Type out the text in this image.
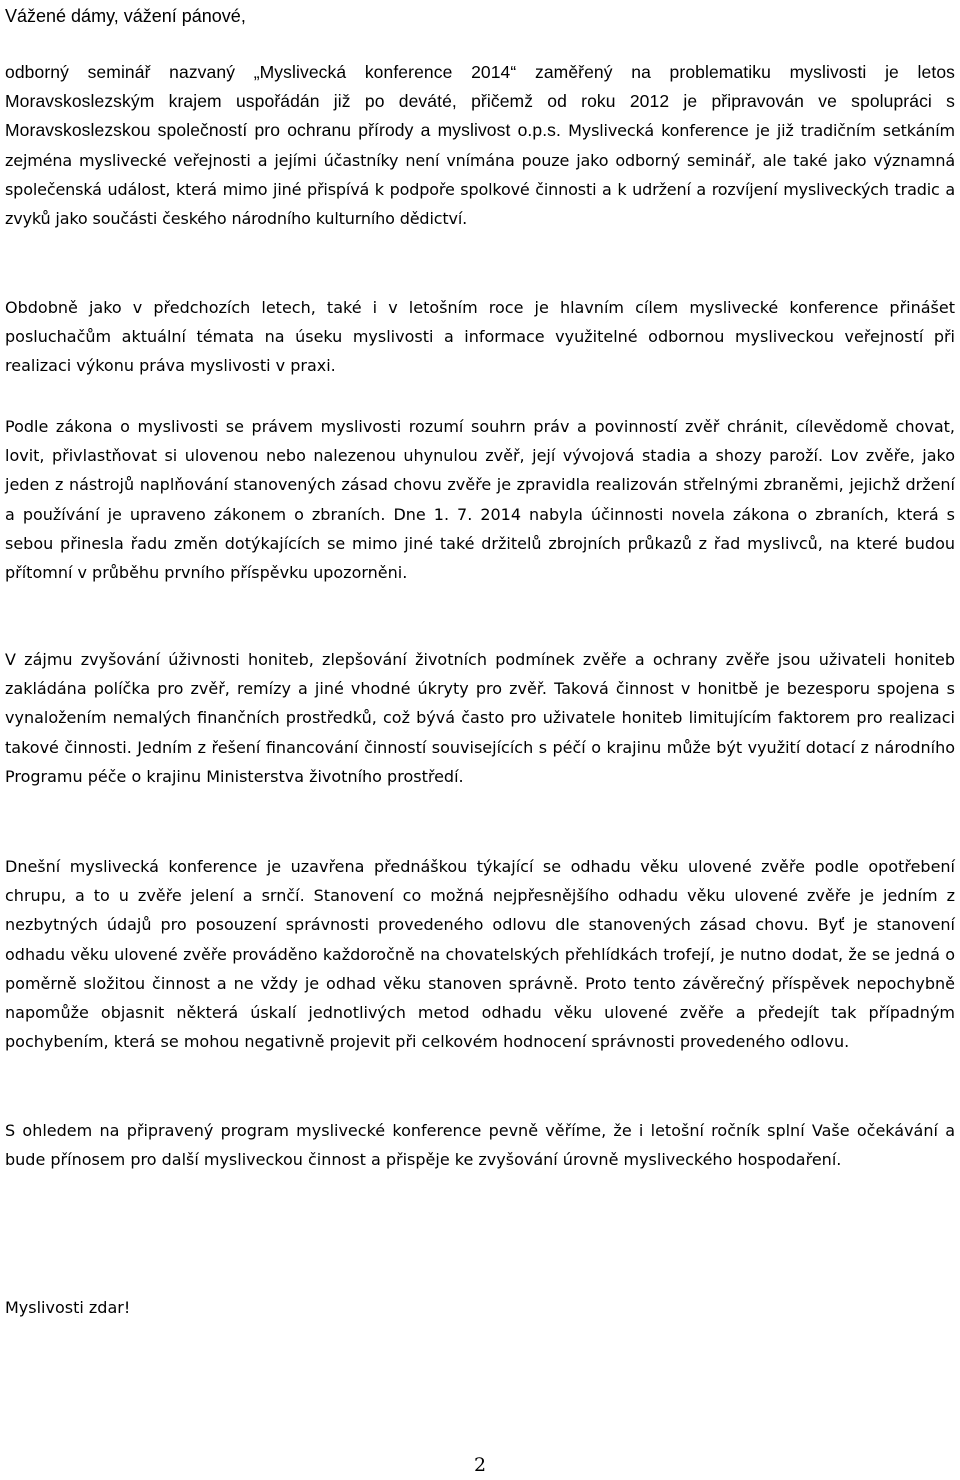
Vážené dámy, vážení pánové,

odborný seminář nazvaný „Myslivecká konference 2014“ zaměřený na problematiku myslivosti je letos Moravskoslezským krajem uspořádán již po deváté, přičemž od roku 2012 je připravován ve spolupráci s Moravskoslezskou společností pro ochranu přírody a myslivost o.p.s. Myslivecká konference je již tradičním setkáním zejména myslivecké veřejnosti a jejími účastníky není vnímána pouze jako odborný seminář, ale také jako významná společenská událost, která mimo jiné přispívá k podpoře spolkové činnosti a k udržení a rozvíjení mysliveckých tradic a zvyků jako součásti českého národního kulturního dědictví.

Obdobně jako v předchozích letech, také i v letošním roce je hlavním cílem myslivecké konference přinášet posluchačům aktuální témata na úseku myslivosti a informace využitelné odbornou mysliveckou veřejností při realizaci výkonu práva myslivosti v praxi.

Podle zákona o myslivosti se právem myslivosti rozumí souhrn práv a povinností zvěř chránit, cílevědomě chovat, lovit, přivlastňovat si ulovenou nebo nalezenou uhynulou zvěř, její vývojová stadia a shozy paroží. Lov zvěře, jako jeden z nástrojů naplňování stanovených zásad chovu zvěře je zpravidla realizován střelnými zbraněmi, jejichž držení a používání je upraveno zákonem o zbraních. Dne 1. 7. 2014 nabyla účinnosti novela zákona o zbraních, která s sebou přinesla řadu změn dotýkajících se mimo jiné také držitelů zbrojních průkazů z řad myslivců, na které budou přítomní v průběhu prvního příspěvku upozorněni.

V zájmu zvyšování úživnosti honiteb, zlepšování životních podmínek zvěře a ochrany zvěře jsou uživateli honiteb zakládána políčka pro zvěř, remízy a jiné vhodné úkryty pro zvěř. Taková činnost v honitbě je bezesporu spojena s vynaložením nemalých finančních prostředků, což bývá často pro uživatele honiteb limitujícím faktorem pro realizaci takové činnosti. Jedním z řešení financování činností souvisejících s péčí o krajinu může být využití dotací z národního Programu péče o krajinu Ministerstva životního prostředí.

Dnešní myslivecká konference je uzavřena přednáškou týkající se odhadu věku ulovené zvěře podle opotřebení chrupu, a to u zvěře jelení a srnčí. Stanovení co možná nejpřesnějšího odhadu věku ulovené zvěře je jedním z nezbytných údajů pro posouzení správnosti provedeného odlovu dle stanovených zásad chovu. Byť je stanovení odhadu věku ulovené zvěře prováděno každoročně na chovatelských přehlídkách trofejí, je nutno dodat, že se jedná o poměrně složitou činnost a ne vždy je odhad věku stanoven správně. Proto tento závěrečný příspěvek nepochybně napomůže objasnit některá úskalí jednotlivých metod odhadu věku ulovené zvěře a předejít tak případným pochybením, která se mohou negativně projevit při celkovém hodnocení správnosti provedeného odlovu.

S ohledem na připravený program myslivecké konference pevně věříme, že i letošní ročník splní Vaše očekávání a bude přínosem pro další mysliveckou činnost a přispěje ke zvyšování úrovně mysliveckého hospodaření.

Myslivosti zdar!
2
